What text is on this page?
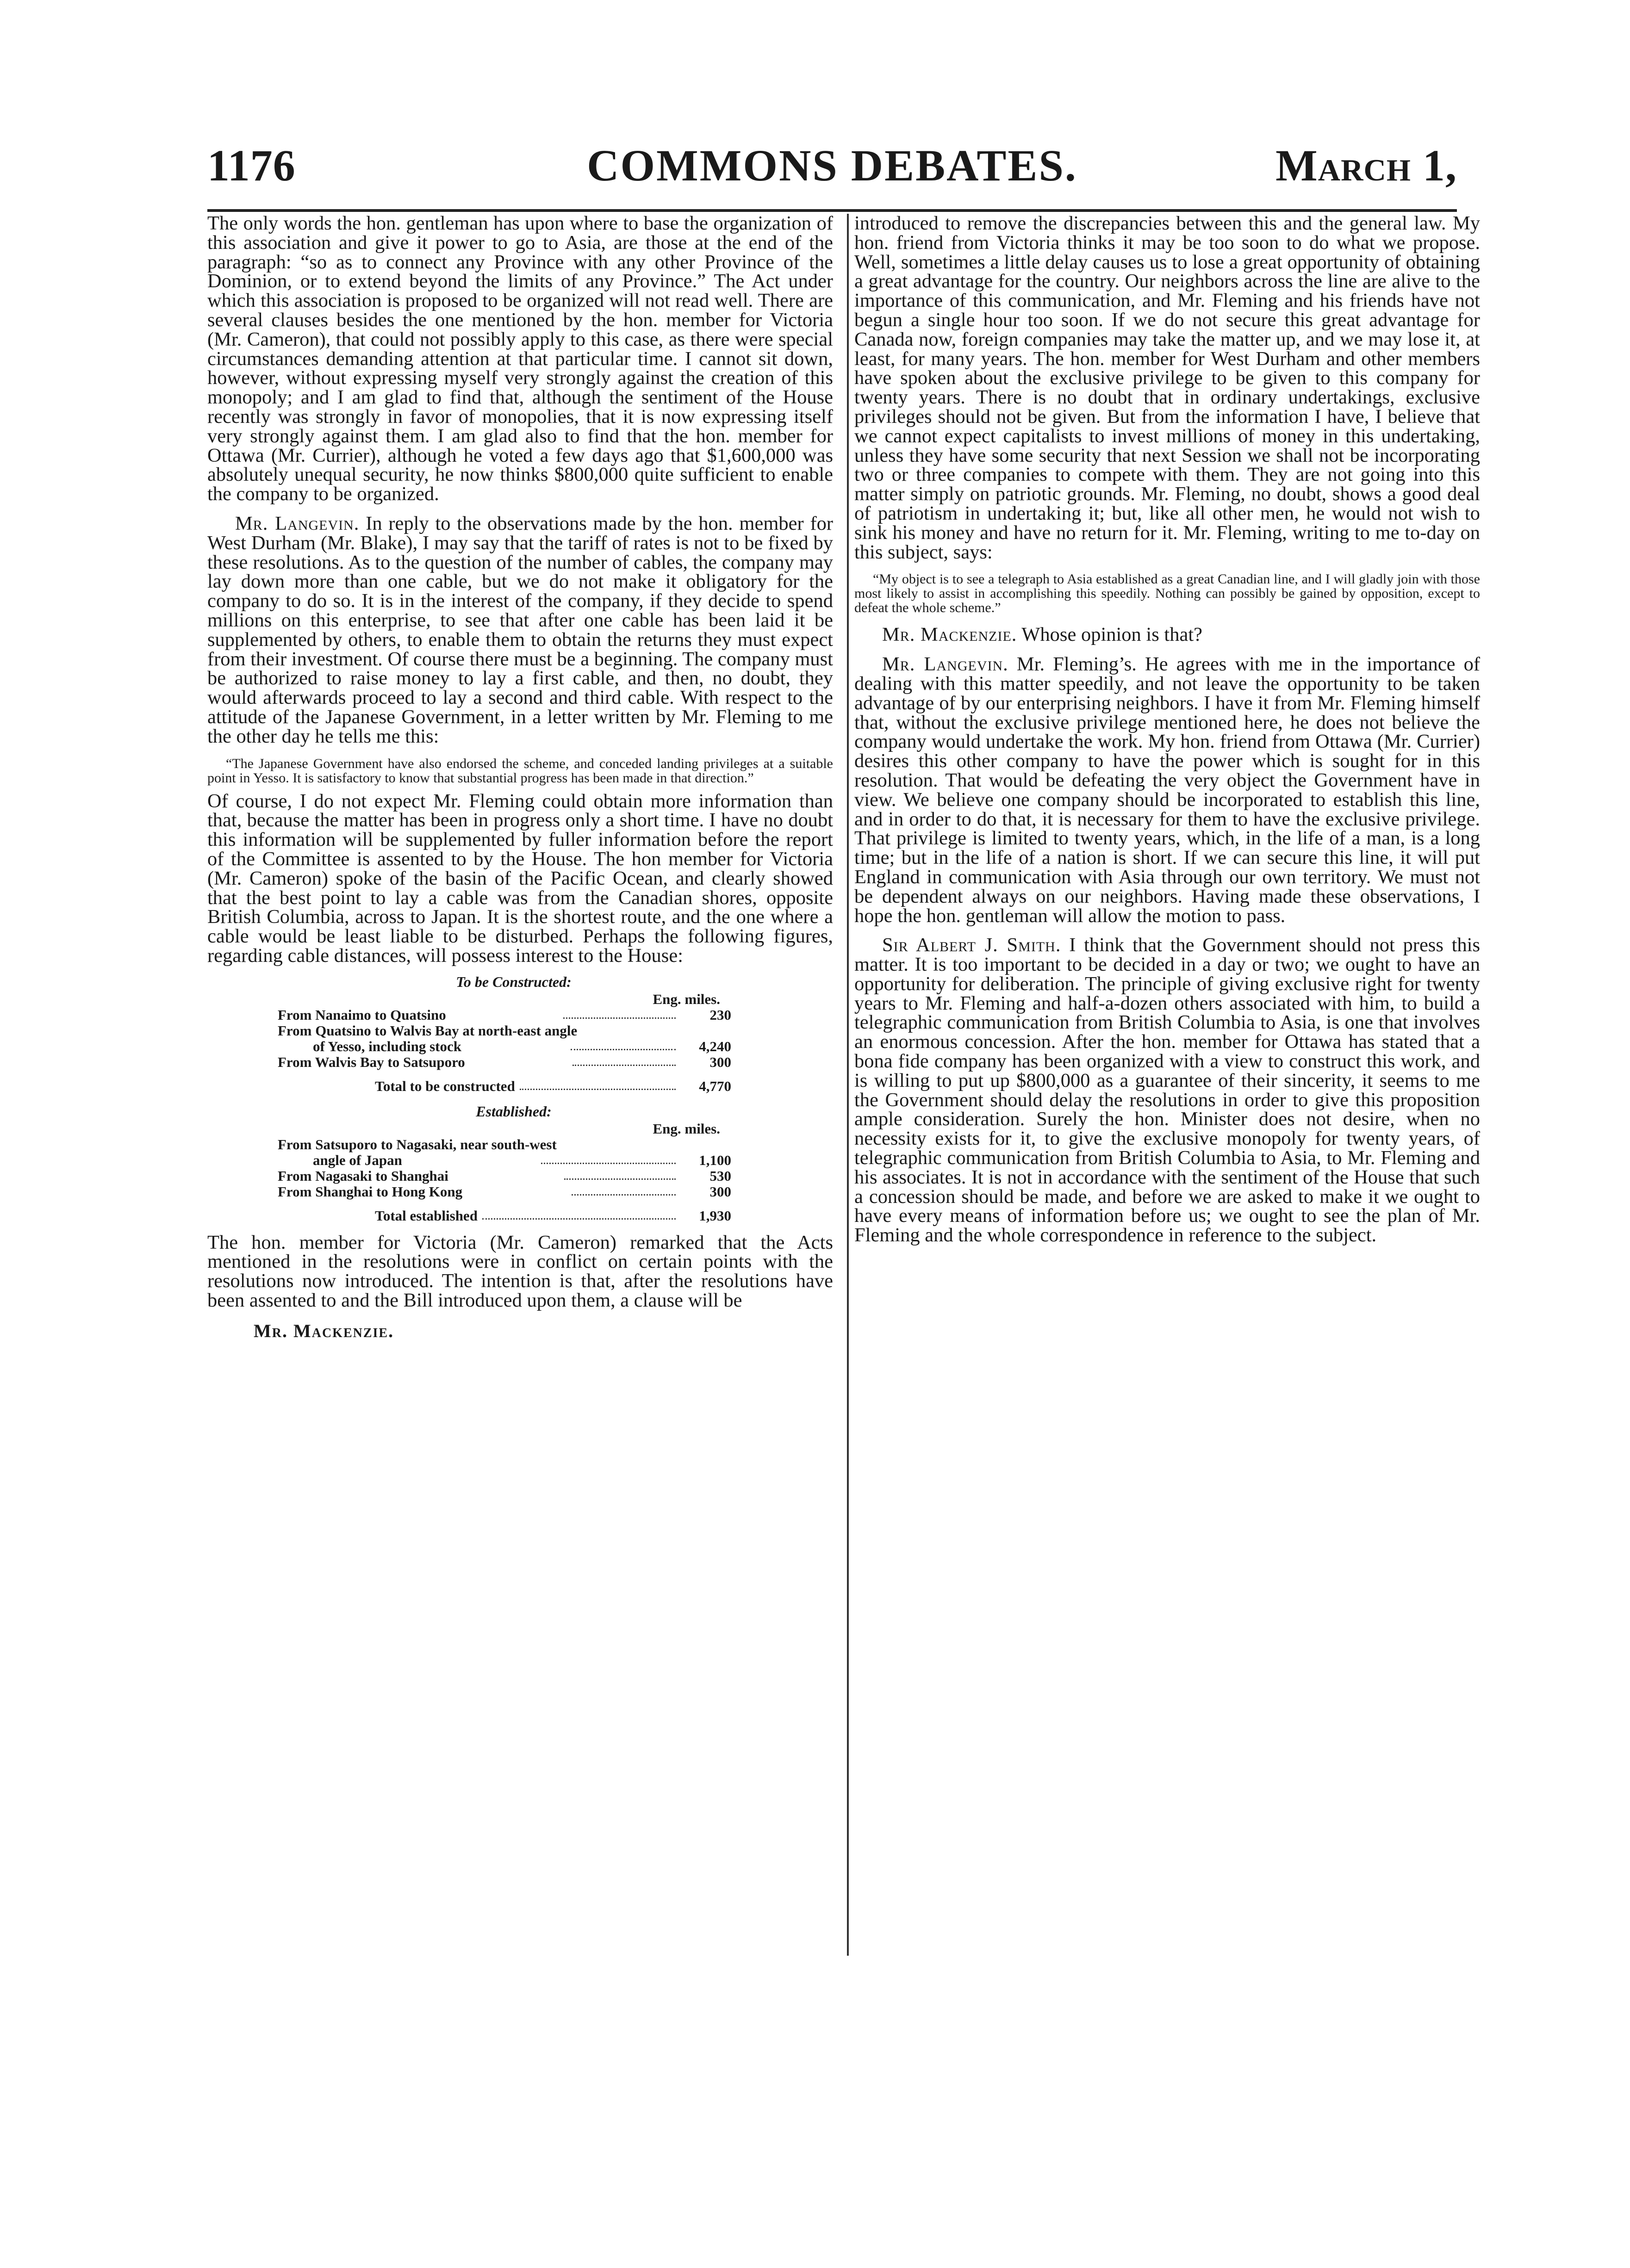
1176	COMMONS DEBATES.	March 1,

The only words the hon. gentleman has upon where to base the organization of this association and give it power to go to Asia, are those at the end of the paragraph: “so as to connect any Province with any other Province of the Dominion, or to extend beyond the limits of any Province.” The Act under which this association is proposed to be organized will not read well. There are several clauses besides the one mentioned by the hon. member for Victoria (Mr. Cameron), that could not possibly apply to this case, as there were special circumstances demanding attention at that particular time. I cannot sit down, however, without expressing myself very strongly against the creation of this monopoly; and I am glad to find that, although the sentiment of the House recently was strongly in favor of monopolies, that it is now expressing itself very strongly against them. I am glad also to find that the hon. member for Ottawa (Mr. Currier), although he voted a few days ago that $1,600,000 was absolutely unequal security, he now thinks $800,000 quite sufficient to enable the company to be organized.

Mr. Langevin. In reply to the observations made by the hon. member for West Durham (Mr. Blake), I may say that the tariff of rates is not to be fixed by these resolutions. As to the question of the number of cables, the company may lay down more than one cable, but we do not make it obligatory for the company to do so. It is in the interest of the company, if they decide to spend millions on this enterprise, to see that after one cable has been laid it be supplemented by others, to enable them to obtain the returns they must expect from their investment. Of course there must be a beginning. The company must be authorized to raise money to lay a first cable, and then, no doubt, they would afterwards proceed to lay a second and third cable. With respect to the attitude of the Japanese Government, in a letter written by Mr. Fleming to me the other day he tells me this:

“The Japanese Government have also endorsed the scheme, and conceded landing privileges at a suitable point in Yesso. It is satisfactory to know that substantial progress has been made in that direction.”

Of course, I do not expect Mr. Fleming could obtain more information than that, because the matter has been in progress only a short time. I have no doubt this information will be supplemented by fuller information before the report of the Committee is assented to by the House. The hon member for Victoria (Mr. Cameron) spoke of the basin of the Pacific Ocean, and clearly showed that the best point to lay a cable was from the Canadian shores, opposite British Columbia, across to Japan. It is the shortest route, and the one where a cable would be least liable to be disturbed. Perhaps the following figures, regarding cable distances, will possess interest to the House:

To be Constructed:
Eng. miles.
From Nanaimo to Quatsino	230
From Quatsino to Walvis Bay at north-east angle
of Yesso, including stock	4,240
From Walvis Bay to Satsuporo	300
Total to be constructed	4,770
Established:
Eng. miles.
From Satsuporo to Nagasaki, near south-west
angle of Japan	1,100
From Nagasaki to Shanghai	530
From Shanghai to Hong Kong	300
Total established	1,930

The hon. member for Victoria (Mr. Cameron) remarked that the Acts mentioned in the resolutions were in conflict on certain points with the resolutions now introduced. The intention is that, after the resolutions have been assented to and the Bill introduced upon them, a clause will be

Mr. Mackenzie.

introduced to remove the discrepancies between this and the general law. My hon. friend from Victoria thinks it may be too soon to do what we propose. Well, sometimes a little delay causes us to lose a great opportunity of obtaining a great advantage for the country. Our neighbors across the line are alive to the importance of this communication, and Mr. Fleming and his friends have not begun a single hour too soon. If we do not secure this great advantage for Canada now, foreign companies may take the matter up, and we may lose it, at least, for many years. The hon. member for West Durham and other members have spoken about the exclusive privilege to be given to this company for twenty years. There is no doubt that in ordinary undertakings, exclusive privileges should not be given. But from the information I have, I believe that we cannot expect capitalists to invest millions of money in this undertaking, unless they have some security that next Session we shall not be incorporating two or three companies to compete with them. They are not going into this matter simply on patriotic grounds. Mr. Fleming, no doubt, shows a good deal of patriotism in undertaking it; but, like all other men, he would not wish to sink his money and have no return for it. Mr. Fleming, writing to me to-day on this subject, says:

“My object is to see a telegraph to Asia established as a great Canadian line, and I will gladly join with those most likely to assist in accomplishing this speedily. Nothing can possibly be gained by opposition, except to defeat the whole scheme.”

Mr. Mackenzie. Whose opinion is that?

Mr. Langevin. Mr. Fleming’s. He agrees with me in the importance of dealing with this matter speedily, and not leave the opportunity to be taken advantage of by our enterprising neighbors. I have it from Mr. Fleming himself that, without the exclusive privilege mentioned here, he does not believe the company would undertake the work. My hon. friend from Ottawa (Mr. Currier) desires this other company to have the power which is sought for in this resolution. That would be defeating the very object the Government have in view. We believe one company should be incorporated to establish this line, and in order to do that, it is necessary for them to have the exclusive privilege. That privilege is limited to twenty years, which, in the life of a man, is a long time; but in the life of a nation is short. If we can secure this line, it will put England in communication with Asia through our own territory. We must not be dependent always on our neighbors. Having made these observations, I hope the hon. gentleman will allow the motion to pass.

Sir Albert J. Smith. I think that the Government should not press this matter. It is too important to be decided in a day or two; we ought to have an opportunity for deliberation. The principle of giving exclusive right for twenty years to Mr. Fleming and half-a-dozen others associated with him, to build a telegraphic communication from British Columbia to Asia, is one that involves an enormous concession. After the hon. member for Ottawa has stated that a bona fide company has been organized with a view to construct this work, and is willing to put up $800,000 as a guarantee of their sincerity, it seems to me the Government should delay the resolutions in order to give this proposition ample consideration. Surely the hon. Minister does not desire, when no necessity exists for it, to give the exclusive monopoly for twenty years, of telegraphic communication from British Columbia to Asia, to Mr. Fleming and his associates. It is not in accordance with the sentiment of the House that such a concession should be made, and before we are asked to make it we ought to have every means of information before us; we ought to see the plan of Mr. Fleming and the whole correspondence in reference to the subject.
